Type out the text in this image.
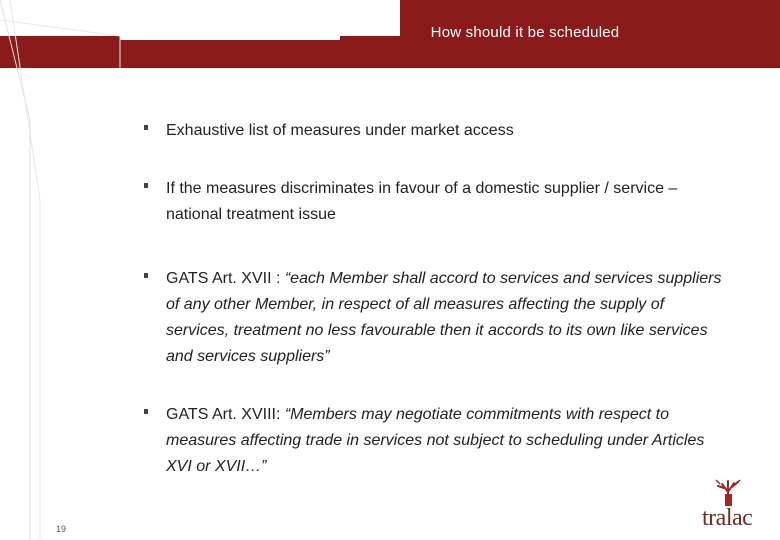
How should it be scheduled
Exhaustive list of measures under market access
If the measures discriminates in favour of a domestic supplier / service – national treatment issue
GATS Art. XVII : “each Member shall accord to services and services suppliers of any other Member, in respect of all measures affecting the supply of services, treatment no less favourable then it accords to its own like services and services suppliers”
GATS Art. XVIII: “Members may negotiate commitments with respect to measures affecting trade in services not subject to scheduling under Articles XVI or XVII…”
19	tralac
